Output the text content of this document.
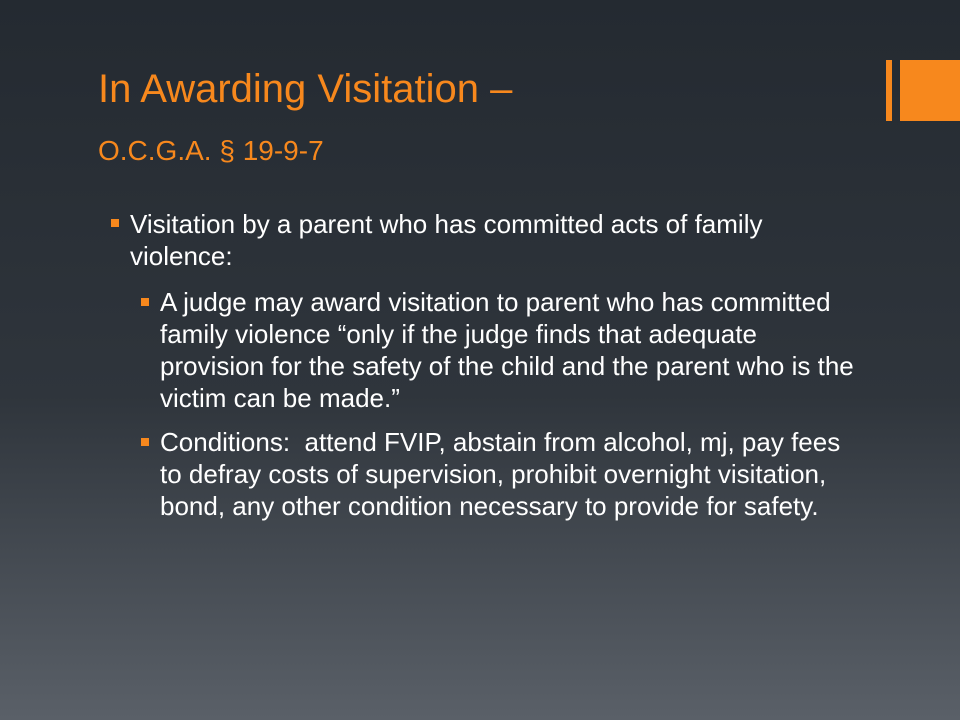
In Awarding Visitation –
O.C.G.A. § 19-9-7
Visitation by a parent who has committed acts of family violence:
A judge may award visitation to parent who has committed family violence “only if the judge finds that adequate provision for the safety of the child and the parent who is the victim can be made.”
Conditions:  attend FVIP, abstain from alcohol, mj, pay fees to defray costs of supervision, prohibit overnight visitation, bond, any other condition necessary to provide for safety.
